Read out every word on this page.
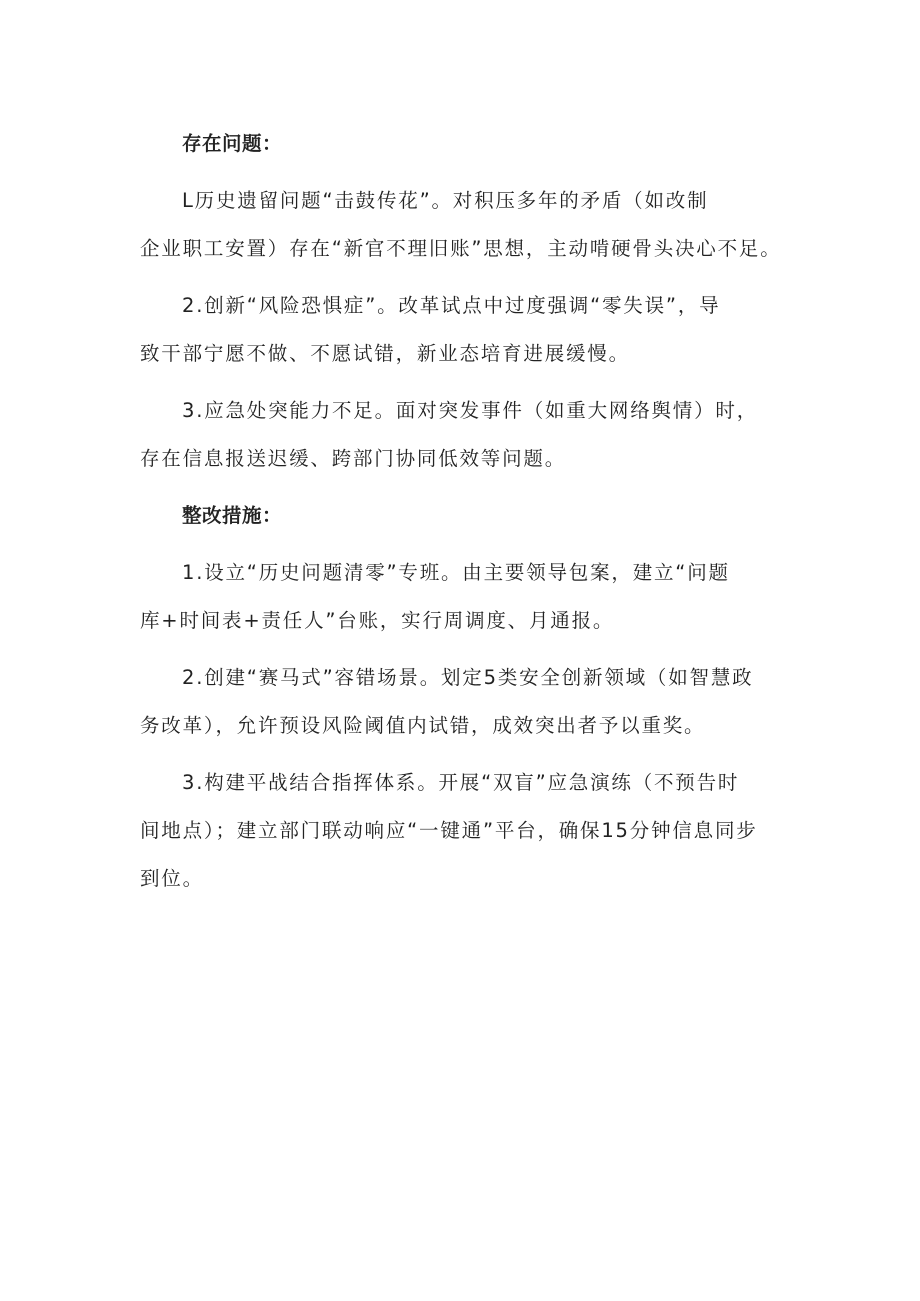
存在问题：
L历史遗留问题“击鼓传花”。对积压多年的矛盾（如改制
企业职工安置）存在“新官不理旧账”思想，主动啃硬骨头决心不足。
2.创新“风险恐惧症”。改革试点中过度强调“零失误”，导
致干部宁愿不做、不愿试错，新业态培育进展缓慢。
3.应急处突能力不足。面对突发事件（如重大网络舆情）时，
存在信息报送迟缓、跨部门协同低效等问题。
整改措施：
1.设立“历史问题清零”专班。由主要领导包案，建立“问题
库+时间表+责任人”台账，实行周调度、月通报。
2.创建“赛马式”容错场景。划定5类安全创新领域（如智慧政
务改革），允许预设风险阈值内试错，成效突出者予以重奖。
3.构建平战结合指挥体系。开展“双盲”应急演练（不预告时
间地点）；建立部门联动响应“一键通”平台，确保15分钟信息同步
到位。
